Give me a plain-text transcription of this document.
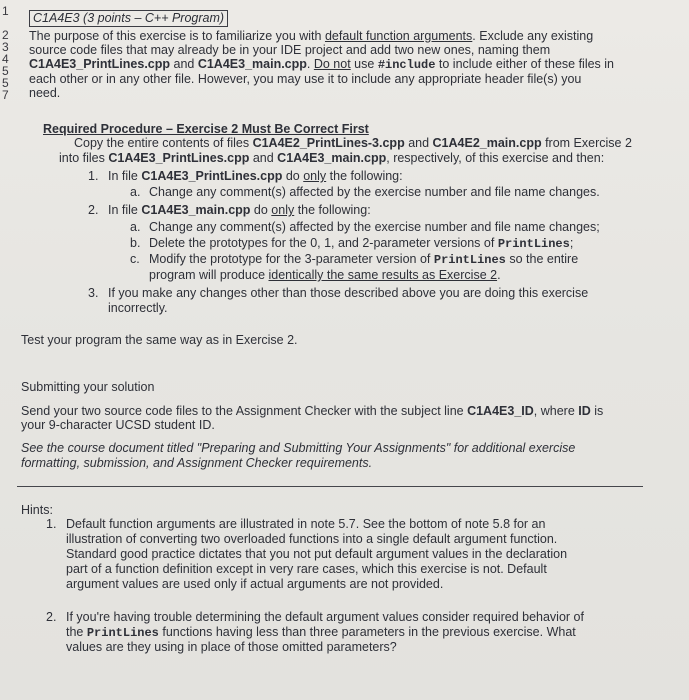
1
2
3
4
5
5
7
C1A4E3 (3 points – C++ Program)
The purpose of this exercise is to familiarize you with default function arguments. Exclude any existing
source code files that may already be in your IDE project and add two new ones, naming them
C1A4E3_PrintLines.cpp and C1A4E3_main.cpp. Do not use #include to include either of these files in
each other or in any other file. However, you may use it to include any appropriate header file(s) you
need.
Required Procedure – Exercise 2 Must Be Correct First
Copy the entire contents of files C1A4E2_PrintLines-3.cpp and C1A4E2_main.cpp from Exercise 2
into files C1A4E3_PrintLines.cpp and C1A4E3_main.cpp, respectively, of this exercise and then:
1. In file C1A4E3_PrintLines.cpp do only the following:
a. Change any comment(s) affected by the exercise number and file name changes.
2. In file C1A4E3_main.cpp do only the following:
a. Change any comment(s) affected by the exercise number and file name changes;
b. Delete the prototypes for the 0, 1, and 2-parameter versions of PrintLines;
c. Modify the prototype for the 3-parameter version of PrintLines so the entire
program will produce identically the same results as Exercise 2.
3. If you make any changes other than those described above you are doing this exercise
incorrectly.
Test your program the same way as in Exercise 2.
Submitting your solution
Send your two source code files to the Assignment Checker with the subject line C1A4E3_ID, where ID is
your 9-character UCSD student ID.
See the course document titled "Preparing and Submitting Your Assignments" for additional exercise
formatting, submission, and Assignment Checker requirements.
Hints:
1. Default function arguments are illustrated in note 5.7. See the bottom of note 5.8 for an
illustration of converting two overloaded functions into a single default argument function.
Standard good practice dictates that you not put default argument values in the declaration
part of a function definition except in very rare cases, which this exercise is not. Default
argument values are used only if actual arguments are not provided.
2. If you're having trouble determining the default argument values consider required behavior of
the PrintLines functions having less than three parameters in the previous exercise. What
values are they using in place of those omitted parameters?
